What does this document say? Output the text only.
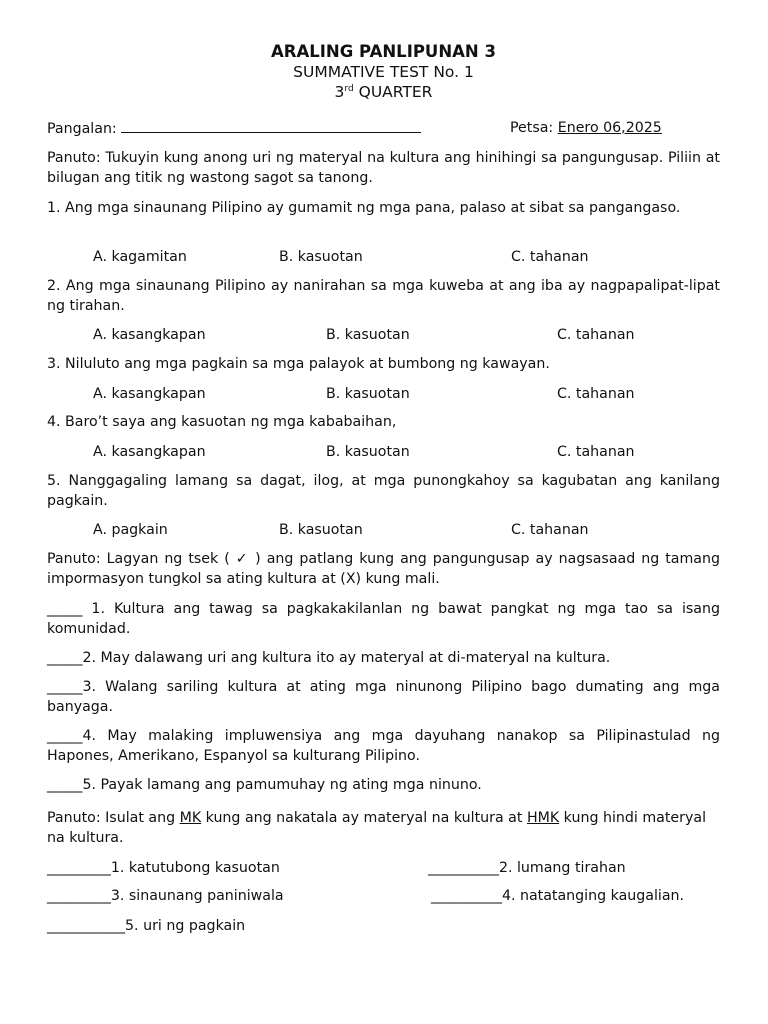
ARALING PANLIPUNAN 3
SUMMATIVE TEST No. 1
3rd QUARTER
Pangalan:	Petsa: Enero 06,2025
Panuto: Tukuyin kung anong uri ng materyal na kultura ang hinihingi sa pangungusap. Piliin at bilugan ang titik ng wastong sagot sa tanong.
1. Ang mga sinaunang Pilipino ay gumamit ng mga pana, palaso at sibat sa pangangaso.
A. kagamitan	B. kasuotan	C. tahanan
2. Ang mga sinaunang Pilipino ay nanirahan sa mga kuweba at ang iba ay nagpapalipat-lipat ng tirahan.
A. kasangkapan	B. kasuotan	C. tahanan
3. Niluluto ang mga pagkain sa mga palayok at bumbong ng kawayan.
A. kasangkapan	B. kasuotan	C. tahanan
4. Baro’t saya ang kasuotan ng mga kababaihan,
A. kasangkapan	B. kasuotan	C. tahanan
5. Nanggagaling lamang sa dagat, ilog, at mga punongkahoy sa kagubatan ang kanilang pagkain.
A. pagkain	B. kasuotan	C. tahanan
Panuto: Lagyan ng tsek ( ✓ ) ang patlang kung ang pangungusap ay nagsasaad ng tamang impormasyon tungkol sa ating kultura at (X) kung mali.
_____ 1. Kultura ang tawag sa pagkakakilanlan ng bawat pangkat ng mga tao sa isang komunidad.
_____2. May dalawang uri ang kultura ito ay materyal at di-materyal na kultura.
_____3. Walang sariling kultura at ating mga ninunong Pilipino bago dumating ang mga banyaga.
_____4. May malaking impluwensiya ang mga dayuhang nanakop sa Pilipinastulad ng Hapones, Amerikano, Espanyol sa kulturang Pilipino.
_____5. Payak lamang ang pamumuhay ng ating mga ninuno.
Panuto: Isulat ang MK kung ang nakatala ay materyal na kultura at HMK kung hindi materyal na kultura.
_________1. katutubong kasuotan	__________2. lumang tirahan
_________3. sinaunang paniniwala	__________4. natatanging kaugalian.
___________5. uri ng pagkain
